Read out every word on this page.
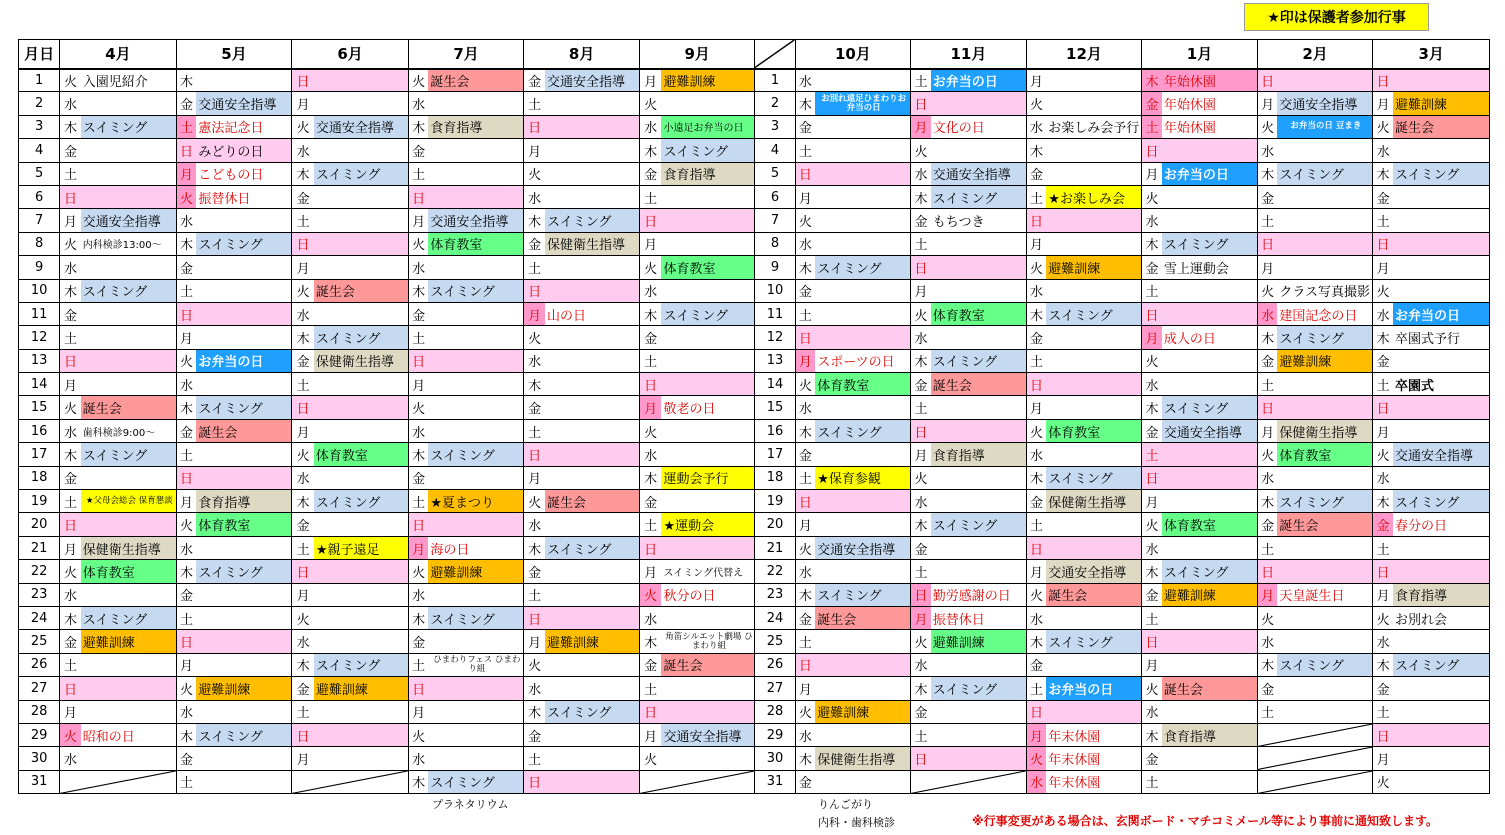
★印は保護者参加行事
月日	4月		5月		6月		7月		8月		9月			10月		11月		12月		1月		2月		3月	
1	火	入園児紹介	木		日		火	誕生会	金	交通安全指導	月	避難訓練	1	水		土	お弁当の日	月		木	年始休園	日		日	
2	水		金	交通安全指導	月		水		土		火		2	木	お別れ遠足ひまわりお弁当の日	日		火		金	年始休園	月	交通安全指導	月	避難訓練
3	木	スイミング	土	憲法記念日	火	交通安全指導	木	食育指導	日		水	小遠足お弁当の日	3	金		月	文化の日	水	お楽しみ会予行	土	年始休園	火	お弁当の日 豆まき	火	誕生会
4	金		日	みどりの日	水		金		月		木	スイミング	4	土		火		木		日		水		水	
5	土		月	こどもの日	木	スイミング	土		火		金	食育指導	5	日		水	交通安全指導	金		月	お弁当の日	木	スイミング	木	スイミング
6	日		火	振替休日	金		日		水		土		6	月		木	スイミング	土	★お楽しみ会	火		金		金	
7	月	交通安全指導	水		土		月	交通安全指導	木	スイミング	日		7	火		金	もちつき	日		水		土		土	
8	火	内科検診13:00～	木	スイミング	日		火	体育教室	金	保健衛生指導	月		8	水		土		月		木	スイミング	日		日	
9	水		金		月		水		土		火	体育教室	9	木	スイミング	日		火	避難訓練	金	雪上運動会	月		月	
10	木	スイミング	土		火	誕生会	木	スイミング	日		水		10	金		月		水		土		火	クラス写真撮影	火	
11	金		日		水		金		月	山の日	木	スイミング	11	土		火	体育教室	木	スイミング	日		水	建国記念の日	水	お弁当の日
12	土		月		木	スイミング	土		火		金		12	日		水		金		月	成人の日	木	スイミング	木	卒園式予行
13	日		火	お弁当の日	金	保健衛生指導	日		水		土		13	月	スポーツの日	木	スイミング	土		火		金	避難訓練	金	
14	月		水		土		月		木		日		14	火	体育教室	金	誕生会	日		水		土		土	卒園式
15	火	誕生会	木	スイミング	日		火		金		月	敬老の日	15	水		土		月		木	スイミング	日		日	
16	水	歯科検診9:00～	金	誕生会	月		水		土		火		16	木	スイミング	日		火	体育教室	金	交通安全指導	月	保健衛生指導	月	
17	木	スイミング	土		火	体育教室	木	スイミング	日		水		17	金		月	食育指導	水		土		火	体育教室	火	交通安全指導
18	金		日		水		金		月		木	運動会予行	18	土	★保育参観	火		木	スイミング	日		水		水	
19	土	★父母会総会 保育懇談	月	食育指導	木	スイミング	土	★夏まつり	火	誕生会	金		19	日		水		金	保健衛生指導	月		木	スイミング	木	スイミング
20	日		火	体育教室	金		日		水		土	★運動会	20	月		木	スイミング	土		火	体育教室	金	誕生会	金	春分の日
21	月	保健衛生指導	水		土	★親子遠足	月	海の日	木	スイミング	日		21	火	交通安全指導	金		日		水		土		土	
22	火	体育教室	木	スイミング	日		火	避難訓練	金		月	スイミング代替え	22	水		土		月	交通安全指導	木	スイミング	日		日	
23	水		金		月		水		土		火	秋分の日	23	木	スイミング	日	勤労感謝の日	火	誕生会	金	避難訓練	月	天皇誕生日	月	食育指導
24	木	スイミング	土		火		木	スイミング	日		水		24	金	誕生会	月	振替休日	水		土		火		火	お別れ会
25	金	避難訓練	日		水		金		月	避難訓練	木	角笛シルエット劇場 ひまわり組	25	土		火	避難訓練	木	スイミング	日		水		水	
26	土		月		木	スイミング	土	ひまわりフェス ひまわり組	火		金	誕生会	26	日		水		金		月		木	スイミング	木	スイミング
27	日		火	避難訓練	金	避難訓練	日		水		土		27	月		木	スイミング	土	お弁当の日	火	誕生会	金		金	
28	月		水		土		月		木	スイミング	日		28	火	避難訓練	金		日		水		土		土	
29	火	昭和の日	木	スイミング	日		火		金		月	交通安全指導	29	水		土		月	年末休園	木	食育指導			日	
30	水		金		月		水		土		火		30	木	保健衛生指導	日		火	年末休園	金				月	
31			土				木	スイミング	日				31	金				水	年末休園	土				火	
プラネタリウム	りんごがり
内科・歯科検診	※行事変更がある場合は、玄関ボード・マチコミメール等により事前に通知致します。
